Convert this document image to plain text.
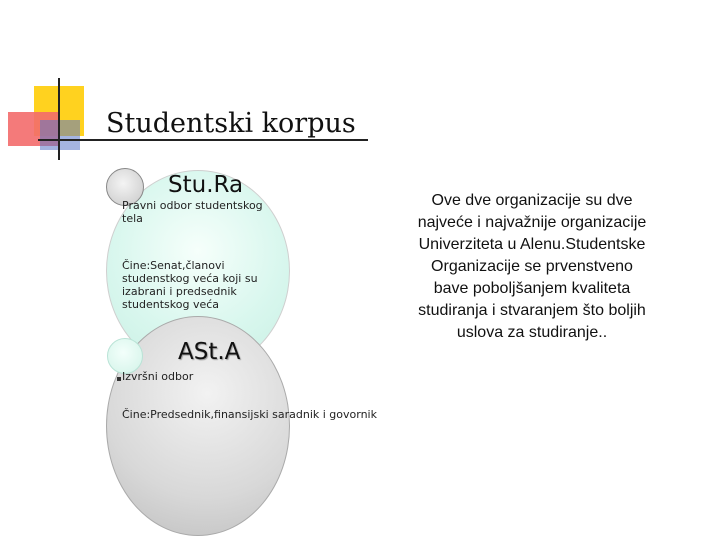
Studentski korpus
Stu.Ra
Pravni odbor studentskog tela
Čine:Senat,članovi studenstkog veća koji su izabrani i predsednik studentskog veća
ASt.A
Izvršni odbor
Čine:Predsednik,finansijski saradnik i govornik
Ove dve organizacije su dve najveće i najvažnije organizacije Univerziteta u Alenu.Studentske Organizacije se prvenstveno bave poboljšanjem kvaliteta studiranja i stvaranjem što boljih uslova za studiranje..
